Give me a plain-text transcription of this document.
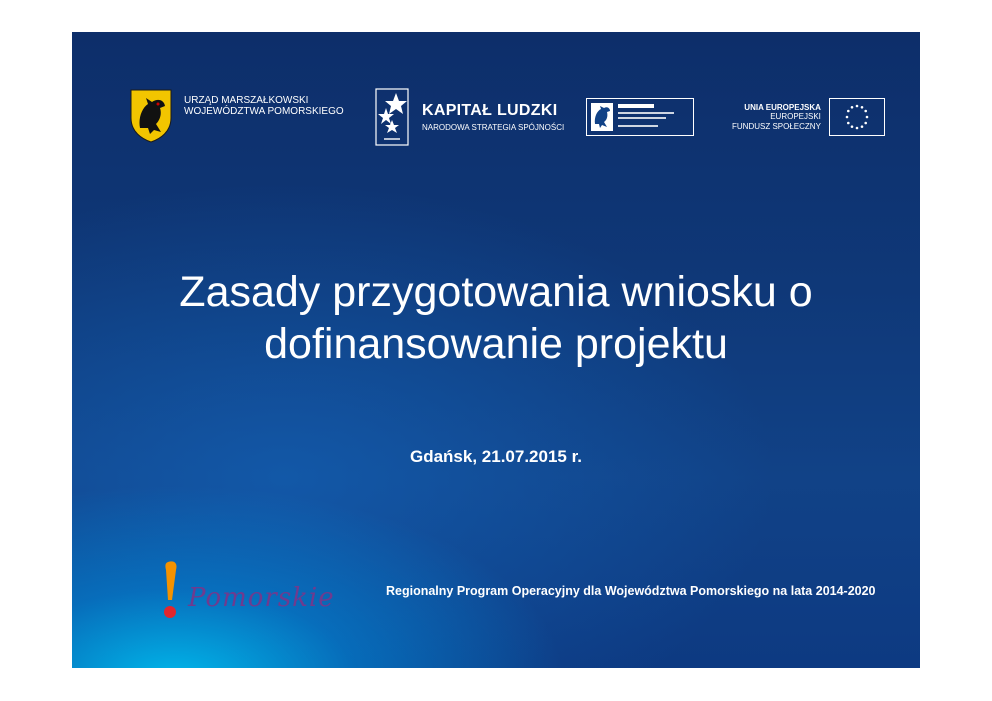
URZĄD MARSZAŁKOWSKI
WOJEWÓDZTWA POMORSKIEGO	KAPITAŁ LUDZKI
NARODOWA STRATEGIA SPÓJNOŚCI
UNIA EUROPEJSKA
EUROPEJSKI
FUNDUSZ SPOŁECZNY
Zasady przygotowania wniosku o
dofinansowanie projektu
Gdańsk, 21.07.2015 r.
Pomorskie	Regionalny Program Operacyjny dla Województwa Pomorskiego na lata 2014-2020
